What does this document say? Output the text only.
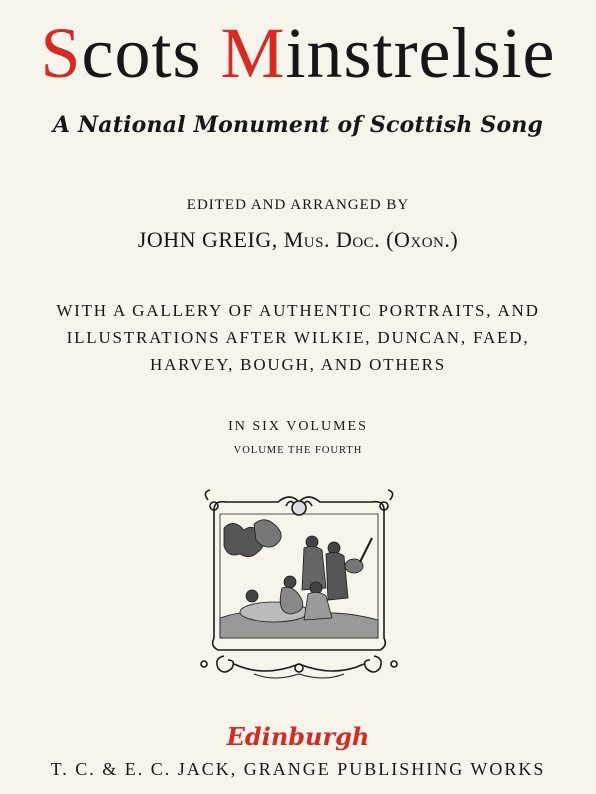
Scots Minstrelsie
A National Monument of Scottish Song
EDITED AND ARRANGED BY
JOHN GREIG, Mus. Doc. (Oxon.)
WITH A GALLERY OF AUTHENTIC PORTRAITS, AND
ILLUSTRATIONS AFTER WILKIE, DUNCAN, FAED,
HARVEY, BOUGH, AND OTHERS
IN SIX VOLUMES
VOLUME THE FOURTH
Edinburgh
T. C. & E. C. JACK, GRANGE PUBLISHING WORKS
